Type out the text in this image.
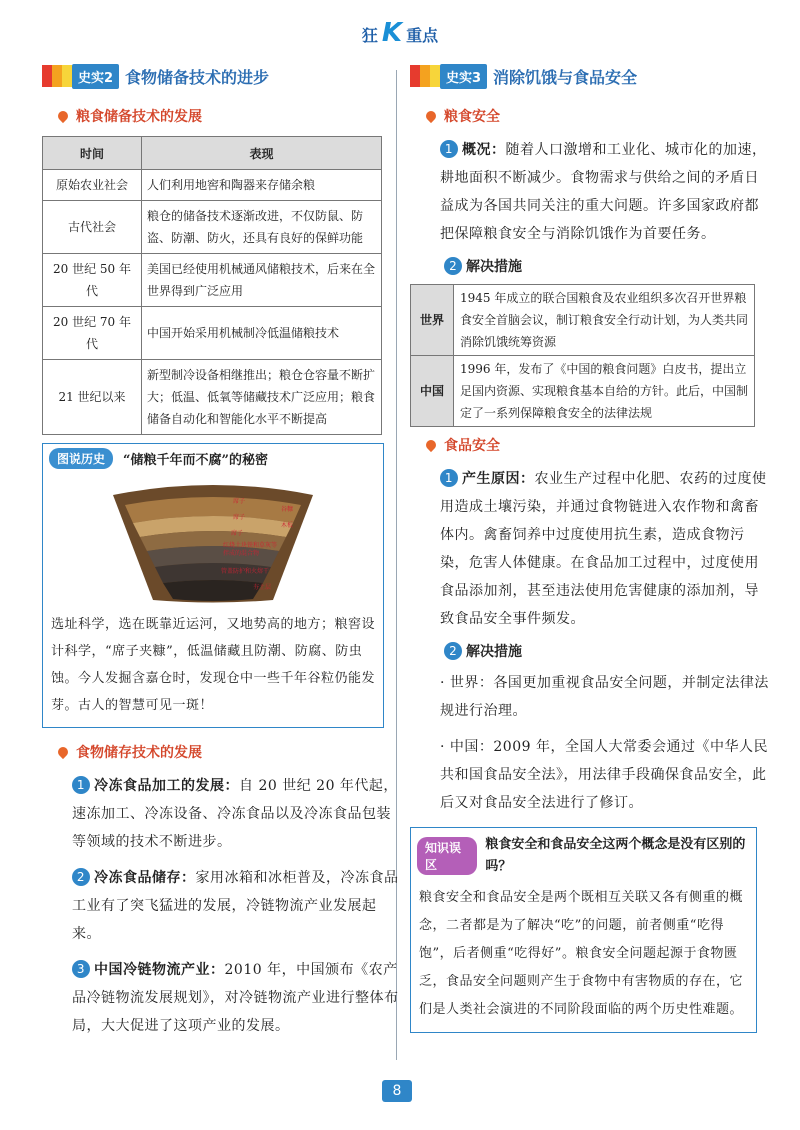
狂 K 重点
史实2 食物储备技术的进步
粮食储备技术的发展
时间	表现
原始农业社会	人们利用地窖和陶器来存储余粮
古代社会	粮仓的储备技术逐渐改进，不仅防鼠、防盗、防潮、防火，还具有良好的保鲜功能
20 世纪 50 年代	美国已经使用机械通风储粮技术，后来在全世界得到广泛应用
20 世纪 70 年代	中国开始采用机械制冷低温储粮技术
21 世纪以来	新型制冷设备相继推出；粮仓仓容量不断扩大；低温、低氧等储藏技术广泛应用；粮食储备自动化和智能化水平不断提高
图说历史	“储粮千年而不腐”的秘密
席子
谷糠
席子
木板
席子
红烧土块铁和草灰等
拌成的混合物
管盖防护和火熔干
夯土层
选址科学，选在既靠近运河，又地势高的地方；粮窖设计科学，“席子夹糠”，低温储藏且防潮、防腐、防虫蚀。今人发掘含嘉仓时，发现仓中一些千年谷粒仍能发芽。古人的智慧可见一斑！
食物储存技术的发展

1 冷冻食品加工的发展：自 20 世纪 20 年代起，速冻加工、冷冻设备、冷冻食品以及冷冻食品包装等领域的技术不断进步。

2 冷冻食品储存：家用冰箱和冰柜普及，冷冻食品工业有了突飞猛进的发展，冷链物流产业发展起来。

3 中国冷链物流产业：2010 年，中国颁布《农产品冷链物流发展规划》，对冷链物流产业进行整体布局，大大促进了这项产业的发展。

史实3 消除饥饿与食品安全
粮食安全

1 概况：随着人口激增和工业化、城市化的加速，耕地面积不断减少。食物需求与供给之间的矛盾日益成为各国共同关注的重大问题。许多国家政府都把保障粮食安全与消除饥饿作为首要任务。

2 解决措施
世界	1945 年成立的联合国粮食及农业组织多次召开世界粮食安全首脑会议，制订粮食安全行动计划，为人类共同消除饥饿统筹资源
中国	1996 年，发布了《中国的粮食问题》白皮书，提出立足国内资源、实现粮食基本自给的方针。此后，中国制定了一系列保障粮食安全的法律法规
食品安全

1 产生原因：农业生产过程中化肥、农药的过度使用造成土壤污染，并通过食物链进入农作物和禽畜体内。禽畜饲养中过度使用抗生素，造成食物污染，危害人体健康。在食品加工过程中，过度使用食品添加剂，甚至违法使用危害健康的添加剂，导致食品安全事件频发。

2 解决措施

· 世界：各国更加重视食品安全问题，并制定法律法规进行治理。

· 中国：2009 年，全国人大常委会通过《中华人民共和国食品安全法》，用法律手段确保食品安全，此后又对食品安全法进行了修订。

知识误区
粮食安全和食品安全这两个概念是没有区别的吗？
粮食安全和食品安全是两个既相互关联又各有侧重的概念，二者都是为了解决“吃”的问题，前者侧重“吃得饱”，后者侧重“吃得好”。粮食安全问题起源于食物匮乏，食品安全问题则产生于食物中有害物质的存在，它们是人类社会演进的不同阶段面临的两个历史性难题。
8
